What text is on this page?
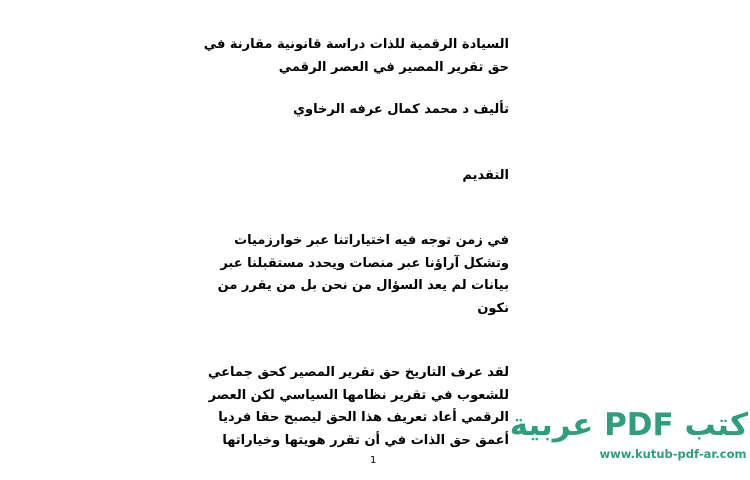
السيادة الرقمية للذات دراسة قانونية مقارنة في
حق تقرير المصير في العصر الرقمي
تأليف د محمد كمال عرفه الرخاوي
التقديم
في زمن توجه فيه اختياراتنا عبر خوارزميات
وتشكل آراؤنا عبر منصات ويحدد مستقبلنا عبر
بيانات لم يعد السؤال من نحن بل من يقرر من
نكون
لقد عرف التاريخ حق تقرير المصير كحق جماعي
للشعوب في تقرير نظامها السياسي لكن العصر
الرقمي أعاد تعريف هذا الحق ليصبح حقا فرديا
أعمق حق الذات في أن تقرر هويتها وخياراتها
1
كتب PDF عربية
www.kutub-pdf-ar.com
